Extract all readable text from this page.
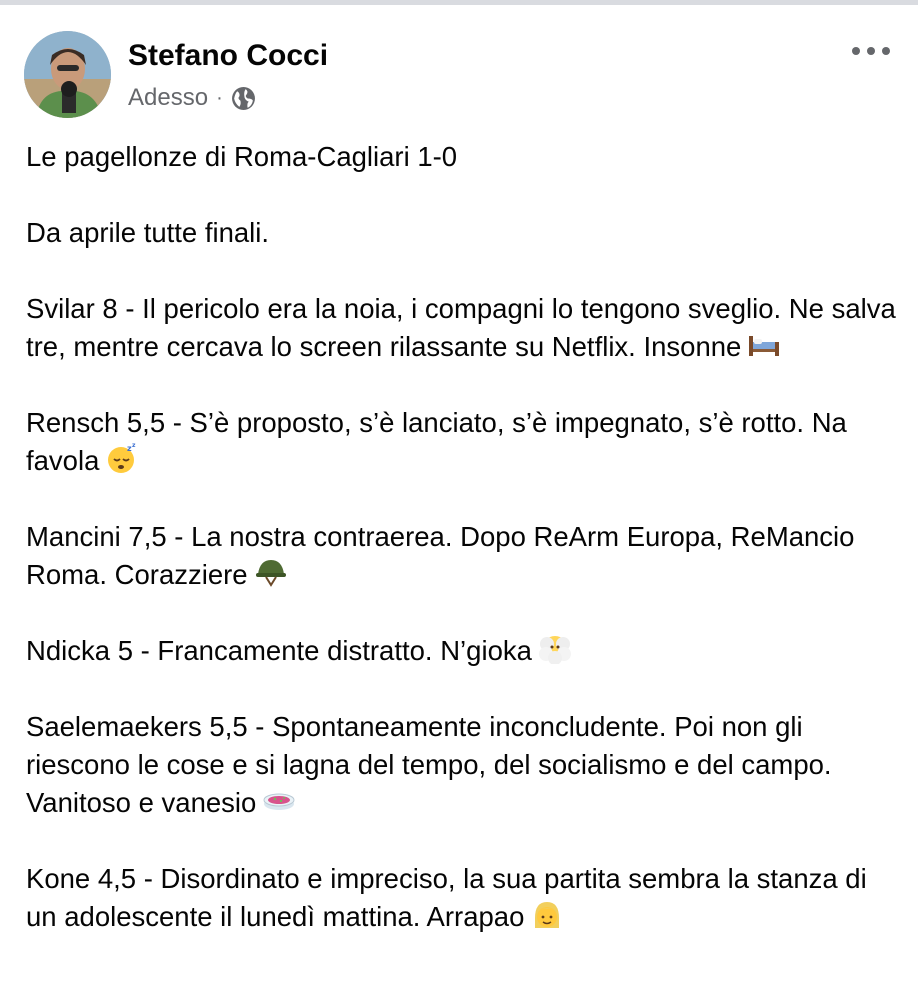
Stefano Cocci
Adesso ·
Le pagellonze di Roma-Cagliari 1-0
Da aprile tutte finali.
Svilar 8 - Il pericolo era la noia, i compagni lo tengono sveglio. Ne salva tre, mentre cercava lo screen rilassante su Netflix. Insonne
Rensch 5,5 - S’è proposto, s’è lanciato, s’è impegnato, s’è rotto. Na favola	z z
Mancini 7,5 - La nostra contraerea. Dopo ReArm Europa, ReMancio Roma. Corazziere
Ndicka 5 - Francamente distratto. N’gioka
Saelemaekers 5,5 - Spontaneamente inconcludente. Poi non gli riescono le cose e si lagna del tempo, del socialismo e del campo. Vanitoso e vanesio
Kone 4,5 - Disordinato e impreciso, la sua partita sembra la stanza di un adolescente il lunedì mattina. Arrapao
